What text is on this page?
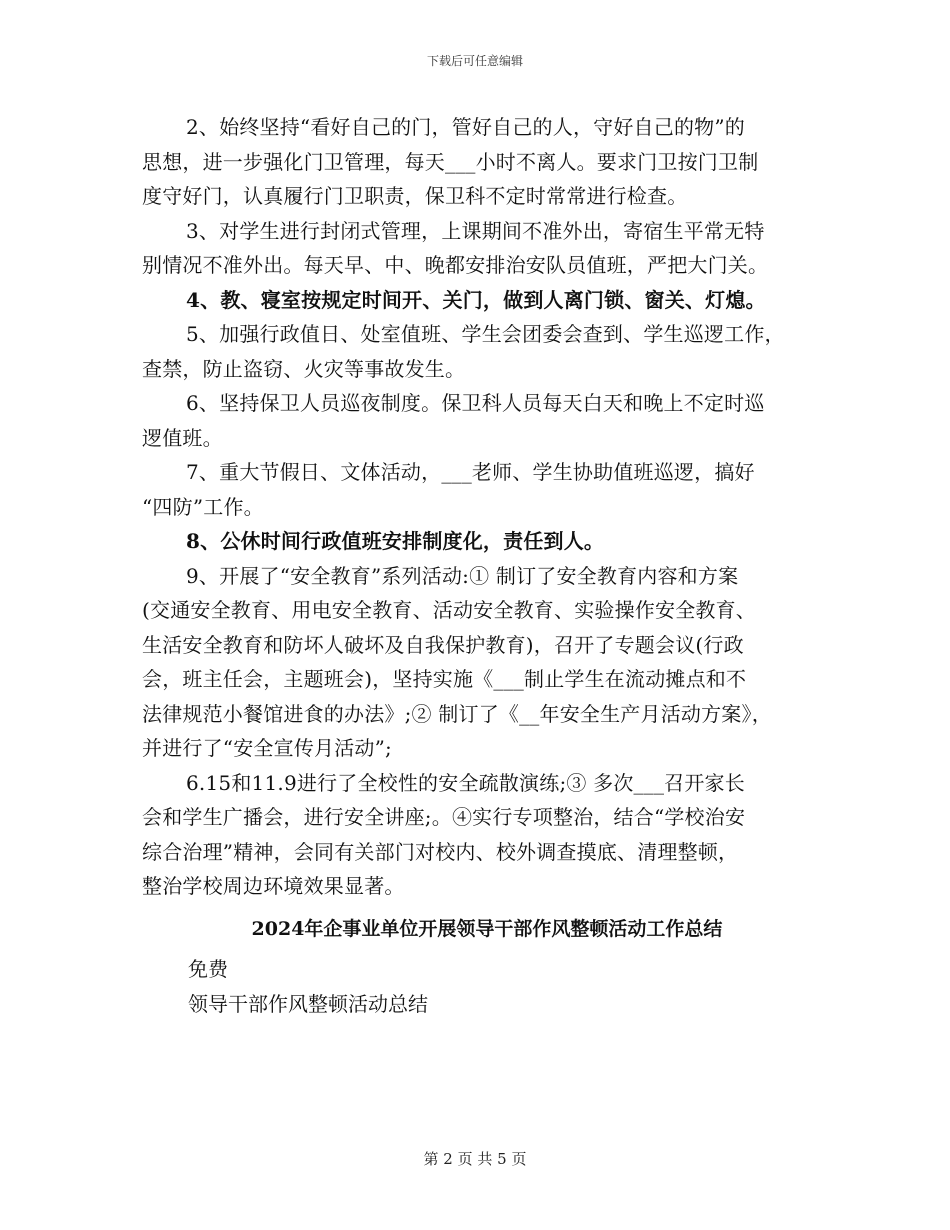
下载后可任意编辑
2、始终坚持“看好自己的门，管好自己的人，守好自己的物”的
思想，进一步强化门卫管理，每天___小时不离人。要求门卫按门卫制
度守好门，认真履行门卫职责，保卫科不定时常常进行检查。
3、对学生进行封闭式管理，上课期间不准外出，寄宿生平常无特
别情况不准外出。每天早、中、晚都安排治安队员值班，严把大门关。
4、教、寝室按规定时间开、关门，做到人离门锁、窗关、灯熄。
5、加强行政值日、处室值班、学生会团委会查到、学生巡逻工作，
查禁，防止盗窃、火灾等事故发生。
6、坚持保卫人员巡夜制度。保卫科人员每天白天和晚上不定时巡
逻值班。
7、重大节假日、文体活动，___老师、学生协助值班巡逻，搞好
“四防”工作。
8、公休时间行政值班安排制度化，责任到人。
9、开展了“安全教育”系列活动:① 制订了安全教育内容和方案
(交通安全教育、用电安全教育、活动安全教育、实验操作安全教育、
生活安全教育和防坏人破坏及自我保护教育)，召开了专题会议(行政
会，班主任会，主题班会)，坚持实施《___制止学生在流动摊点和不
法律规范小餐馆进食的办法》;② 制订了《__年安全生产月活动方案》，
并进行了“安全宣传月活动”;
6.15和11.9进行了全校性的安全疏散演练;③ 多次___召开家长
会和学生广播会，进行安全讲座;。④实行专项整治，结合“学校治安
综合治理”精神，会同有关部门对校内、校外调查摸底、清理整顿，
整治学校周边环境效果显著。
2024年企事业单位开展领导干部作风整顿活动工作总结
免费
领导干部作风整顿活动总结
第 2 页 共 5 页
